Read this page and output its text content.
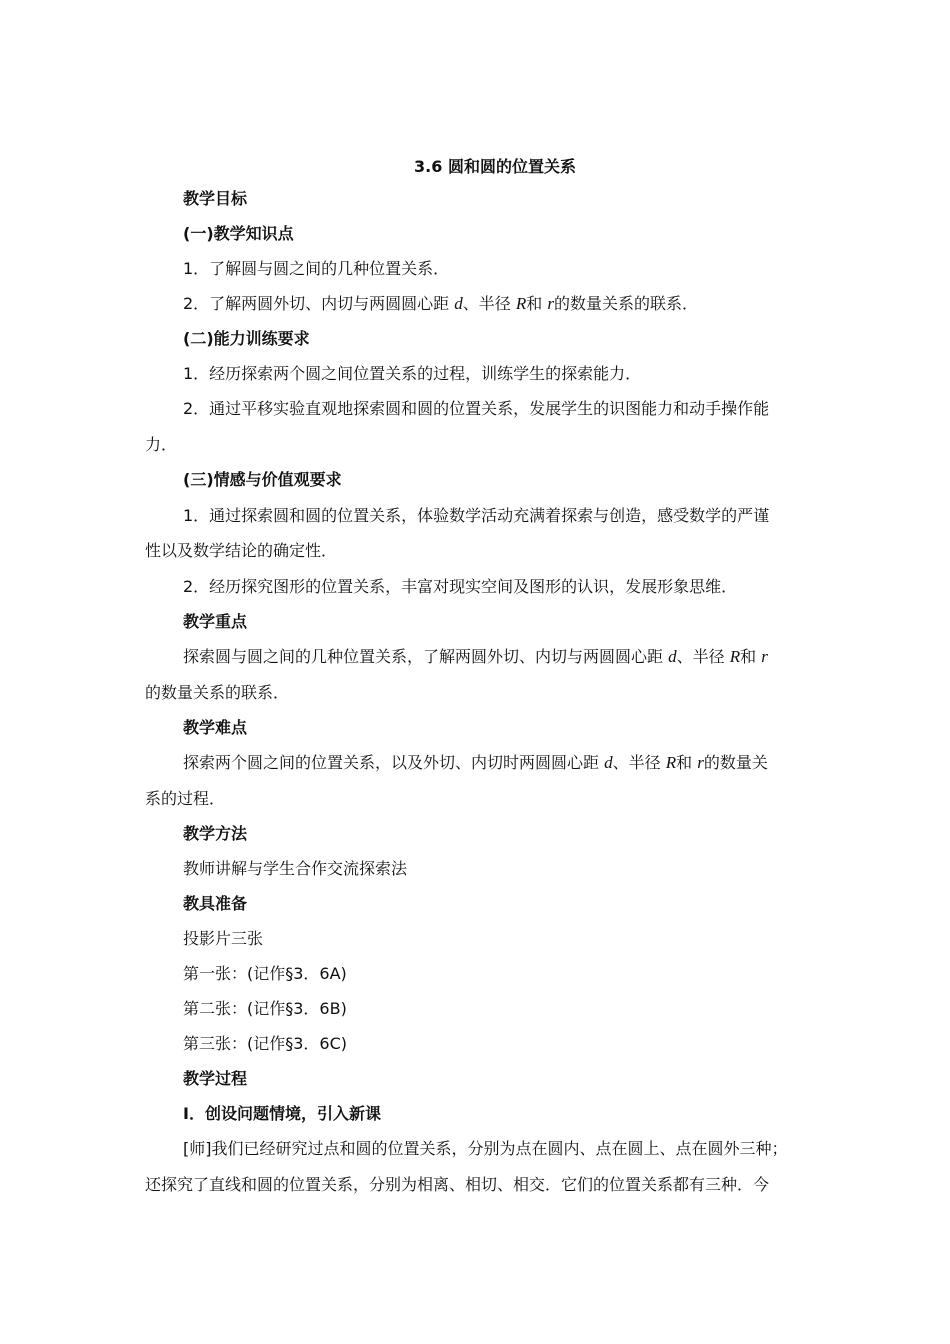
3.6 圆和圆的位置关系
教学目标
(一)教学知识点
1．了解圆与圆之间的几种位置关系．
2．了解两圆外切、内切与两圆圆心距 d、半径 R和 r的数量关系的联系．
(二)能力训练要求
1．经历探索两个圆之间位置关系的过程，训练学生的探索能力．
2．通过平移实验直观地探索圆和圆的位置关系，发展学生的识图能力和动手操作能
力．
(三)情感与价值观要求
1．通过探索圆和圆的位置关系，体验数学活动充满着探索与创造，感受数学的严谨
性以及数学结论的确定性．
2．经历探究图形的位置关系，丰富对现实空间及图形的认识，发展形象思维．
教学重点
探索圆与圆之间的几种位置关系，了解两圆外切、内切与两圆圆心距 d、半径 R和 r
的数量关系的联系．
教学难点
探索两个圆之间的位置关系，以及外切、内切时两圆圆心距 d、半径 R和 r的数量关
系的过程．
教学方法
教师讲解与学生合作交流探索法
教具准备
投影片三张
第一张：(记作§3．6A)
第二张：(记作§3．6B)
第三张：(记作§3．6C)
教学过程
Ⅰ．创设问题情境，引入新课
[师]我们已经研究过点和圆的位置关系，分别为点在圆内、点在圆上、点在圆外三种；
还探究了直线和圆的位置关系，分别为相离、相切、相交．它们的位置关系都有三种．今
